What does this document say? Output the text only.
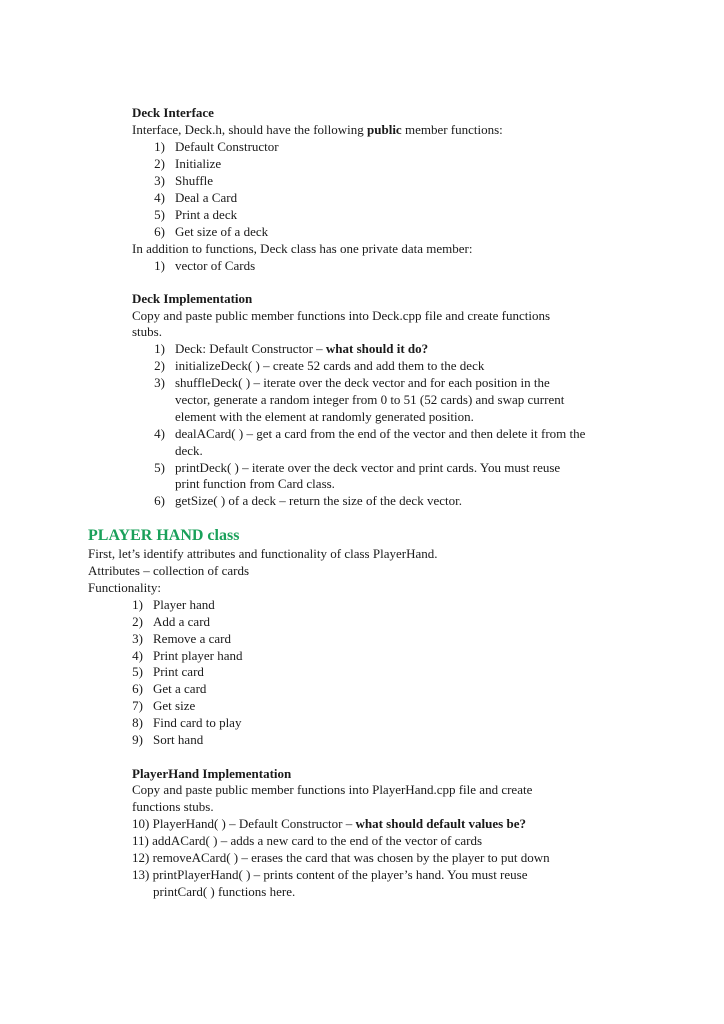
Deck Interface
Interface, Deck.h, should have the following public member functions:
1) Default Constructor
2) Initialize
3) Shuffle
4) Deal a Card
5) Print a deck
6) Get size of a deck
In addition to functions, Deck class has one private data member:
1) vector of Cards
Deck Implementation
Copy and paste public member functions into Deck.cpp file and create functions
stubs.
1) Deck: Default Constructor – what should it do?
2) initializeDeck( ) – create 52 cards and add them to the deck
3) shuffleDeck( ) – iterate over the deck vector and for each position in the
vector, generate a random integer from 0 to 51 (52 cards) and swap current
element with the element at randomly generated position.
4) dealACard( ) – get a card from the end of the vector and then delete it from the
deck.
5) printDeck( ) – iterate over the deck vector and print cards. You must reuse
print function from Card class.
6) getSize( ) of a deck – return the size of the deck vector.
PLAYER HAND class
First, let’s identify attributes and functionality of class PlayerHand.
Attributes – collection of cards
Functionality:
1) Player hand
2) Add a card
3) Remove a card
4) Print player hand
5) Print card
6) Get a card
7) Get size
8) Find card to play
9) Sort hand
PlayerHand Implementation
Copy and paste public member functions into PlayerHand.cpp file and create
functions stubs.
10) PlayerHand( ) – Default Constructor – what should default values be?
11) addACard( ) – adds a new card to the end of the vector of cards
12) removeACard( ) – erases the card that was chosen by the player to put down
13) printPlayerHand( ) – prints content of the player’s hand. You must reuse
printCard( ) functions here.
